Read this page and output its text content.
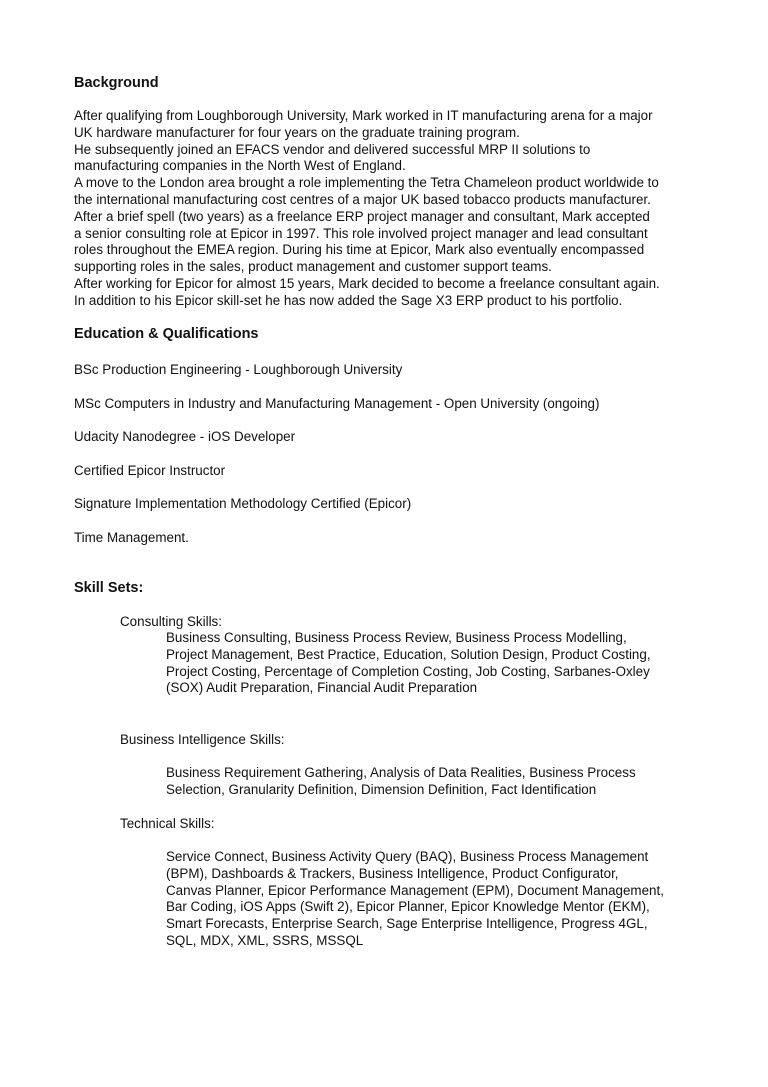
Background
After qualifying from Loughborough University, Mark worked in IT manufacturing arena for a major
UK hardware manufacturer for four years on the graduate training program.
He subsequently joined an EFACS vendor and delivered successful MRP II solutions to
manufacturing companies in the North West of England.
A move to the London area brought a role implementing the Tetra Chameleon product worldwide to
the international manufacturing cost centres of a major UK based tobacco products manufacturer.
After a brief spell (two years) as a freelance ERP project manager and consultant, Mark accepted
a senior consulting role at Epicor in 1997. This role involved project manager and lead consultant
roles throughout the EMEA region. During his time at Epicor, Mark also eventually encompassed
supporting roles in the sales, product management and customer support teams.
After working for Epicor for almost 15 years, Mark decided to become a freelance consultant again.
In addition to his Epicor skill-set he has now added the Sage X3 ERP product to his portfolio.
Education & Qualifications

BSc Production Engineering - Loughborough University

MSc Computers in Industry and Manufacturing Management - Open University (ongoing)

Udacity Nanodegree - iOS Developer

Certified Epicor Instructor

Signature Implementation Methodology Certified (Epicor)

Time Management.

Skill Sets:

Consulting Skills:

Business Consulting, Business Process Review, Business Process Modelling,
Project Management, Best Practice, Education, Solution Design, Product Costing,
Project Costing, Percentage of Completion Costing, Job Costing, Sarbanes-Oxley
(SOX) Audit Preparation, Financial Audit Preparation

Business Intelligence Skills:

Business Requirement Gathering, Analysis of Data Realities, Business Process
Selection, Granularity Definition, Dimension Definition, Fact Identification

Technical Skills:

Service Connect, Business Activity Query (BAQ), Business Process Management
(BPM), Dashboards & Trackers, Business Intelligence, Product Configurator,
Canvas Planner, Epicor Performance Management (EPM), Document Management,
Bar Coding, iOS Apps (Swift 2), Epicor Planner, Epicor Knowledge Mentor (EKM),
Smart Forecasts, Enterprise Search, Sage Enterprise Intelligence, Progress 4GL,
SQL, MDX, XML, SSRS, MSSQL
